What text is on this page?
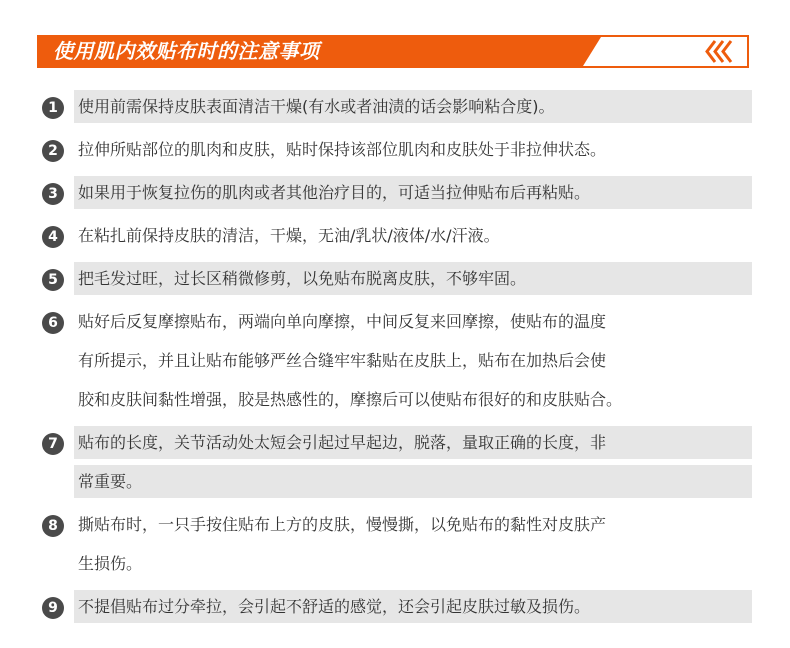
使用肌内效贴布时的注意事项
1	使用前需保持皮肤表面清洁干燥(有水或者油渍的话会影响粘合度)。
2	拉伸所贴部位的肌肉和皮肤，贴时保持该部位肌肉和皮肤处于非拉伸状态。
3	如果用于恢复拉伤的肌肉或者其他治疗目的，可适当拉伸贴布后再粘贴。
4	在粘扎前保持皮肤的清洁，干燥，无油/乳状/液体/水/汗液。
5	把毛发过旺，过长区稍微修剪，以免贴布脱离皮肤，不够牢固。
6	贴好后反复摩擦贴布，两端向单向摩擦，中间反复来回摩擦，使贴布的温度
有所提示，并且让贴布能够严丝合缝牢牢黏贴在皮肤上，贴布在加热后会使
胶和皮肤间黏性增强，胶是热感性的，摩擦后可以使贴布很好的和皮肤贴合。
7	贴布的长度，关节活动处太短会引起过早起边，脱落，量取正确的长度，非
常重要。
8	撕贴布时，一只手按住贴布上方的皮肤，慢慢撕，以免贴布的黏性对皮肤产
生损伤。
9	不提倡贴布过分牵拉，会引起不舒适的感觉，还会引起皮肤过敏及损伤。
